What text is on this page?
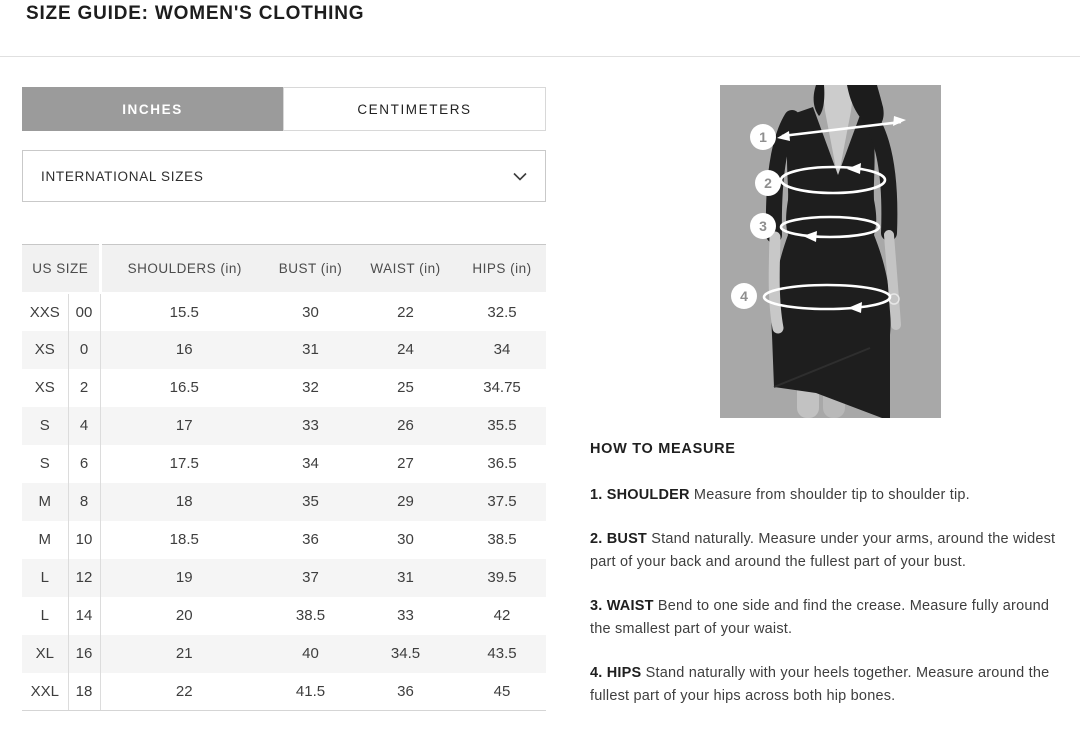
SIZE GUIDE: WOMEN'S CLOTHING
INCHES	CENTIMETERS
INTERNATIONAL SIZES
US SIZE		SHOULDERS (in)	BUST (in)	WAIST (in)	HIPS (in)
XXS	00	15.5	30	22	32.5
XS	0	16	31	24	34
XS	2	16.5	32	25	34.75
S	4	17	33	26	35.5
S	6	17.5	34	27	36.5
M	8	18	35	29	37.5
M	10	18.5	36	30	38.5
L	12	19	37	31	39.5
L	14	20	38.5	33	42
XL	16	21	40	34.5	43.5
XXL	18	22	41.5	36	45
1
2
3
4
HOW TO MEASURE

1. SHOULDER Measure from shoulder tip to shoulder tip.

2. BUST Stand naturally. Measure under your arms, around the widest part of your back and around the fullest part of your bust.

3. WAIST Bend to one side and find the crease. Measure fully around the smallest part of your waist.

4. HIPS Stand naturally with your heels together. Measure around the fullest part of your hips across both hip bones.
